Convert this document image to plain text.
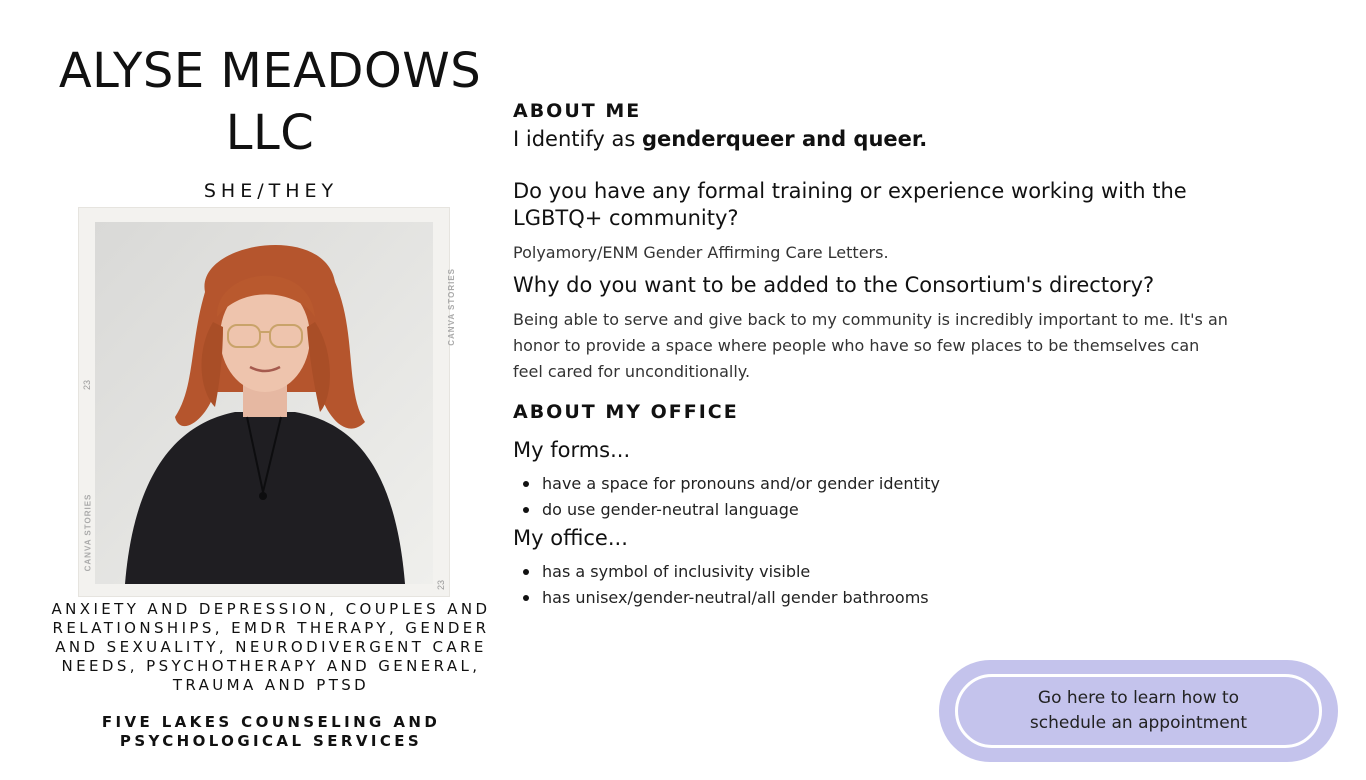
ALYSE MEADOWS LLC

SHE/THEY

CANVA STORIES
CANVA STORIES
23
23

ANXIETY AND DEPRESSION, COUPLES AND RELATIONSHIPS, EMDR THERAPY, GENDER AND SEXUALITY, NEURODIVERGENT CARE NEEDS, PSYCHOTHERAPY AND GENERAL, TRAUMA AND PTSD

FIVE LAKES COUNSELING AND PSYCHOLOGICAL SERVICES

ABOUT ME

I identify as genderqueer and queer.

Do you have any formal training or experience working with the LGBTQ+ community?

Polyamory/ENM Gender Affirming Care Letters.

Why do you want to be added to the Consortium's directory?

Being able to serve and give back to my community is incredibly important to me. It's an honor to provide a space where people who have so few places to be themselves can feel cared for unconditionally.

ABOUT MY OFFICE
My forms...
have a space for pronouns and/or gender identity
do use gender-neutral language
My office...
has a symbol of inclusivity visible
has unisex/gender-neutral/all gender bathrooms
Go here to learn how to
schedule an appointment
